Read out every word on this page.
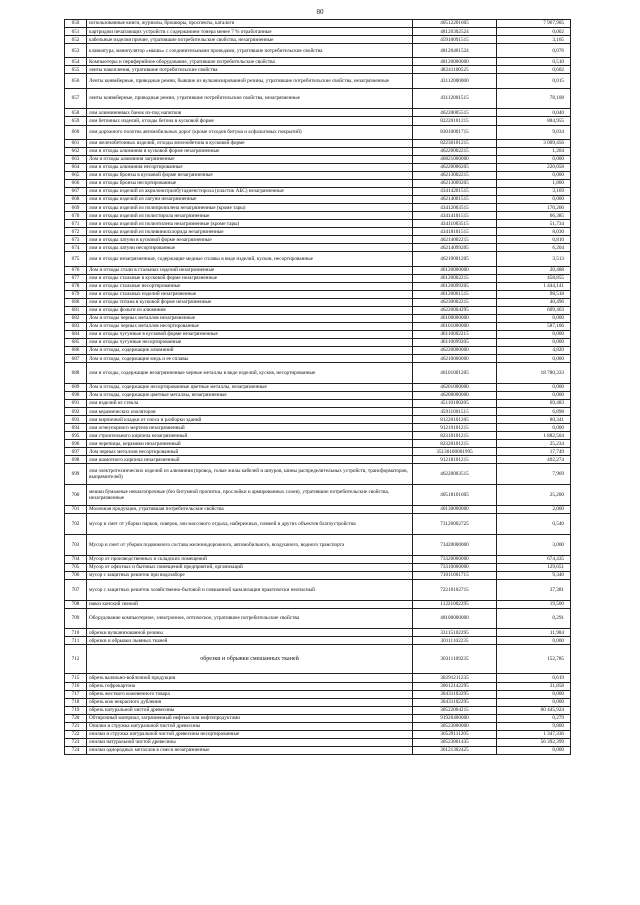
80
650	использованные книги, журналы, брошюры, проспекты, каталоги	40512201605	7 967,905
651	картриджи печатающих устройств с содержанием тонера менее 7 % отработанные	48120302524	0,002
652	кабельные изделия прочие, утратившие потребительские свойства, незагрязненные	45910091515	3,165
653	клавиатура, манипулятор «мышь» с соединительными проводами, утратившие потребительские свойства	48120401524	0,076
654	Компьютеры и периферийное оборудование, утратившие потребительские свойства	48120000000	0,510
655	ленты накопления, утратившие потребительские свойства	48241100525	0,602
656	Ленты конвейерные, приводные ремни, бывшие из вулканизированной резины, утратившие потребительские свойства, незагрязненные	43112000000	0,015
657	ленты конвейерные, приводные ремни, утратившие потребительские свойства, незагрязненные	43112001515	78,108
658	лом алюминиевых банок из-под напитков	46220005515	0,040
659	лом бетонных изделий, отходы бетона в кусковой форме	82220101215	884,955
660	лом дорожного полотна автомобильных дорог (кроме отходов битума и асфальтовых покрытий)	83010001715	9,034
661	лом железобетонных изделий, отходы железобетона в кусковой форме	82230101215	3 009,456
662	лом и отходы алюминия в кусковой форме незагрязненные	46220002215	1,204
663	Лом и отходы алюминия загрязненные	46821000000	0,000
664	лом и отходы алюминия несортированные	46220006205	220,058
665	лом и отходы бронзы в кусковой форме незагрязненные	46213002215	0,000
666	лом и отходы бронзы несортированные	46213009205	1,800
667	лом и отходы изделий из акрилонитрилбутадиенстирола (пластик АБС) незагрязненные	43414201515	3,169
668	лом и отходы изделий из латуни незагрязненные	46214001515	0,000
669	лом и отходы изделий из полипропилена незагрязненные (кроме тары)	43412003515	170,260
670	лом и отходы изделий из полистирола незагрязненные	43414101515	66,385
671	лом и отходы изделий из полиэтилена незагрязненные (кроме тары)	43411003515	51,734
672	лом и отходы изделий из поливинилхлорида незагрязненные	43418101515	8,030
673	лом и отходы латуни в кусковой форме незагрязненные	46214002215	0,810
674	лом и отходы латуни несортированные	46214099205	6,204
675	лом и отходы незагрязненные, содержащие медные сплавы в виде изделий, кусков, несортированные	46210001205	3,513
676	Лом и отходы стали в стальных изделий незагрязненные	46120000000	20,488
677	лом и отходы стальные в кусковой форме незагрязненные	46120002215	458,855
678	лом и отходы стальные несортированные	46120099205	1 444,141
679	лом и отходы стальных изделий незагрязненные	46120001515	98,518
680	лом и отходы титана в кусковой форме незагрязненные	46230002215	40,496
681	лом и отходы фольги из алюминия	46220004295	609,463
682	Лом и отходы черных металлов незагрязненные	46100000000	0,000
683	Лом и отходы черных металлов несортированные	46101000000	587,106
684	лом и отходы чугунные в кусковой форме незагрязненные	46110002215	0,000
685	лом и отходы чугунные несортированные	46110099205	0,000
686	Лом и отходы, содержащие алюминий	46220000000	4,820
687	Лом и отходы, содержащие медь и ее сплавы	46210000000	0,000
688	лом и отходы, содержащие незагрязненные черные металлы в виде изделий, кусков, несортированные	46101001205	18 780,333
689	Лом и отходы, содержащие несортированные цветные металлы, незагрязненные	46201000000	0,000
690	Лом и отходы, содержащие цветные металлы, незагрязненные	46200000000	0,000
691	лом изделий из стекла	45110100205	69,483
692	лом керамических изоляторов	45911001515	6,898
693	лом кирпичной кладки от сноса и разборки зданий	81220101205	80,341
694	лом огнеупорного мертеля незагрязненный	91219101215	0,000
695	лом строительного кирпича незагрязненный	82310101215	1 882,504
696	лом черепицы, керамики незагрязненный	82320101215	25,234
697	Лом черных металлов несортированный	35130100001995	17,749
698	лом шамотного кирпича незагрязненный	91218101215	492,274
699	лом электротехнических изделий из алюминия (провод, голые жилы кабелей и шнуров, шины распределительных устройств, трансформаторов, выпрямителей)	46220003515	7,969
700	мешки бумажные невлагопрочные (без битумной пропитки, прослойки и армированных слоев), утратившие потребительские свойства, незагрязненные	40518101605	25,200
701	Молочная продукция, утратившая потребительские свойства	40130000000	2,060
702	мусор и смет от уборки парков, скверов, зон массового отдыха, набережных, пляжей и других объектов благоустройства	73120002725	0,540
703	Мусор и смет от уборки подвижного состава железнодорожного, автомобильного, воздушного, водного транспорта	73420000000	3,000
704	Мусор от производственных и складских помещений	73320000000	674,435
705	Мусор от офисных и бытовых помещений предприятий, организаций	73310000000	129,651
706	мусор с защитных решеток при водозаборе	71011001715	9,340
707	мусор с защитных решеток хозяйственно-бытовой и смешанной канализации практически неопасный	72210102715	37,381
708	навоз конский свежий	11221002295	19,500
709	Оборудование компьютерное, электронное, оптическое, утратившее потребительские свойства	48100000000	0,291
710	обрезки вулканизованной резины	33115102295	11,904
711	обрезки и обрывки льняных тканей	30111102235	0,000
712	обрезки и обрывки смешанных тканей	30311109235	152,785
715	обрезь валяльно-войлочной продукции	30291211235	0,619
716	обрезь гофрокартона	30612142295	31,858
717	обрезь жесткого кожевенного товара	30431103295	0,000
718	обрезь кож некрасного дубления	30431102295	0,000
719	обрезь натуральной чистой древесины	30522004215	60 445,924
720	Обтирочный материал, загрязненный нефтью или нефтепродуктами	91920400000	0,279
721	Опилки и стружка натуральной чистой древесины	30523000000	9,800
722	опилки и стружка натуральной чистой древесины несортированные	30529111205	1 347,336
723	опилки натуральной чистой древесины	30523001435	56 392,399
724	опилки однородных металлов в смеси незагрязненные	36121302425	0,000
